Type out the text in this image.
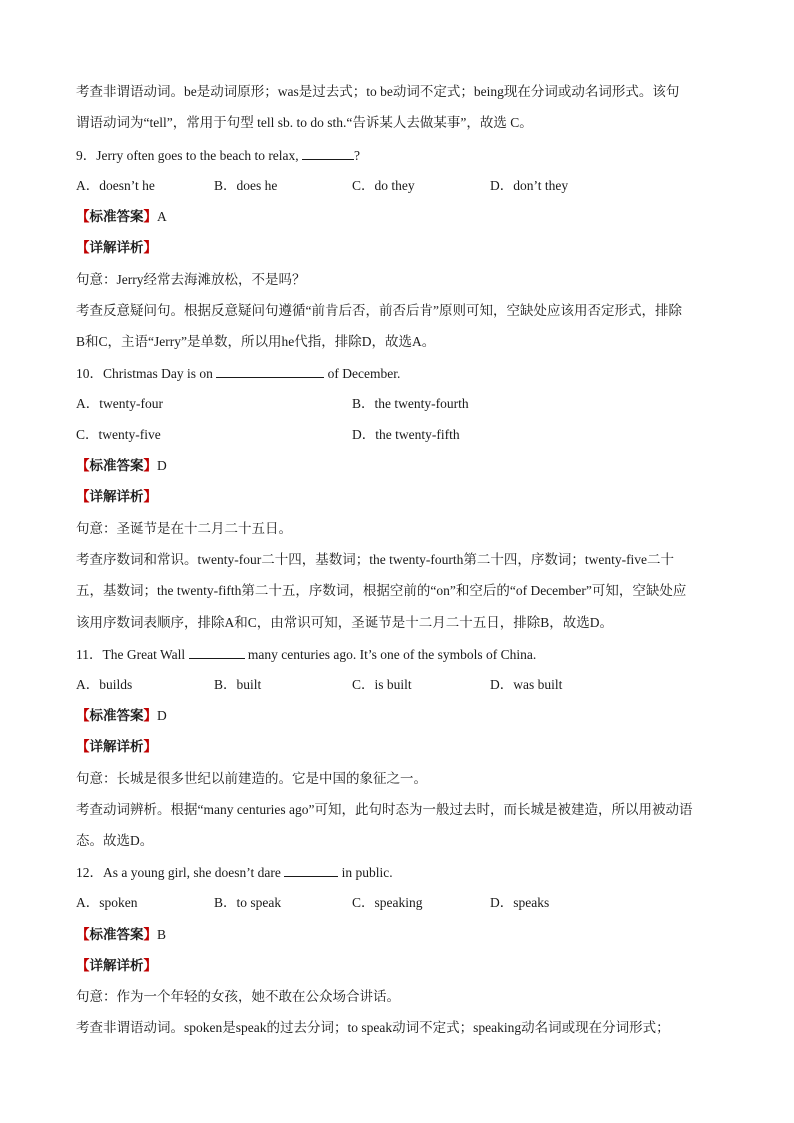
考查非谓语动词。be是动词原形；was是过去式；to be动词不定式；being现在分词或动名词形式。该句
谓语动词为“tell”，常用于句型 tell sb. to do sth.“告诉某人去做某事”，故选 C。
9．Jerry often goes to the beach to relax,	?
A．doesn’t he	B．does he	C．do they	D．don’t they
【标准答案】A
【详解详析】
句意：Jerry经常去海滩放松，不是吗？
考查反意疑问句。根据反意疑问句遵循“前肯后否，前否后肯”原则可知，空缺处应该用否定形式，排除
B和C，主语“Jerry”是单数，所以用he代指，排除D，故选A。
10．Christmas Day is on	of December.
A．twenty-four	B．the twenty-fourth
C．twenty-five	D．the twenty-fifth
【标准答案】D
【详解详析】
句意：圣诞节是在十二月二十五日。
考查序数词和常识。twenty-four二十四，基数词；the twenty-fourth第二十四，序数词；twenty-five二十
五，基数词；the twenty-fifth第二十五，序数词，根据空前的“on”和空后的“of December”可知，空缺处应
该用序数词表顺序，排除A和C，由常识可知，圣诞节是十二月二十五日，排除B，故选D。
11．The Great Wall	many centuries ago. It’s one of the symbols of China.
A．builds	B．built	C．is built	D．was built
【标准答案】D
【详解详析】
句意：长城是很多世纪以前建造的。它是中国的象征之一。
考查动词辨析。根据“many centuries ago”可知，此句时态为一般过去时，而长城是被建造，所以用被动语
态。故选D。
12．As a young girl, she doesn’t dare	in public.
A．spoken	B．to speak	C．speaking	D．speaks
【标准答案】B
【详解详析】
句意：作为一个年轻的女孩，她不敢在公众场合讲话。
考查非谓语动词。spoken是speak的过去分词；to speak动词不定式；speaking动名词或现在分词形式；
